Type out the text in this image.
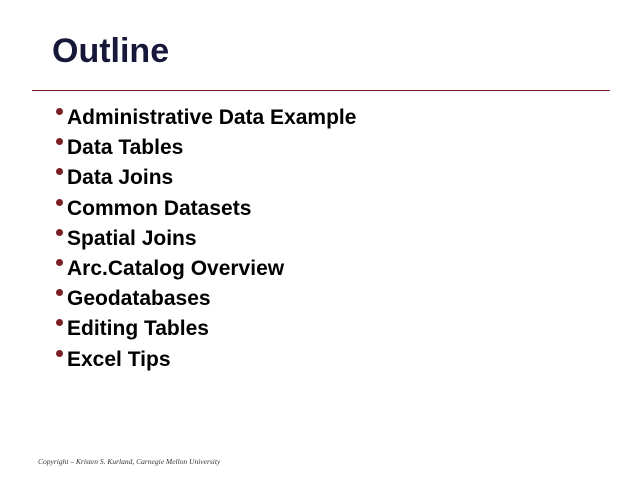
Outline
Administrative Data Example
Data Tables
Data Joins
Common Datasets
Spatial Joins
Arc.Catalog Overview
Geodatabases
Editing Tables
Excel Tips
Copyright – Kristen S. Kurland, Carnegie Mellon University
